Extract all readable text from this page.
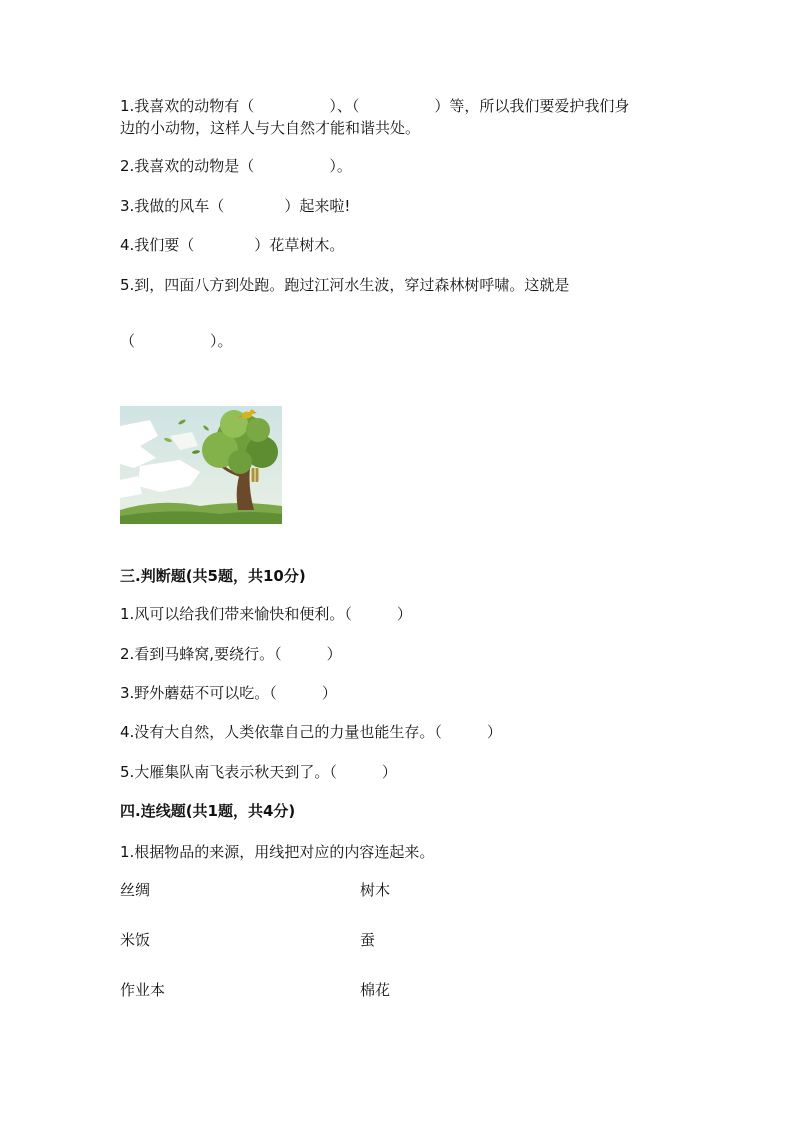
1.我喜欢的动物有（　　　　　）、（　　　　　）等，所以我们要爱护我们身
边的小动物，这样人与大自然才能和谐共处。
2.我喜欢的动物是（　　　　　）。
3.我做的风车（　　　　）起来啦!
4.我们要（　　　　）花草树木。
5.到，四面八方到处跑。跑过江河水生波，穿过森林树呼啸。这就是
（　　　　　）。
三.判断题(共5题，共10分)
1.风可以给我们带来愉快和便利。（　　　）
2.看到马蜂窝,要绕行。（　　　）
3.野外蘑菇不可以吃。（　　　）
4.没有大自然，人类依靠自己的力量也能生存。（　　　）
5.大雁集队南飞表示秋天到了。（　　　）
四.连线题(共1题，共4分)
1.根据物品的来源，用线把对应的内容连起来。
丝绸
米饭
作业本
树木
蚕
棉花
